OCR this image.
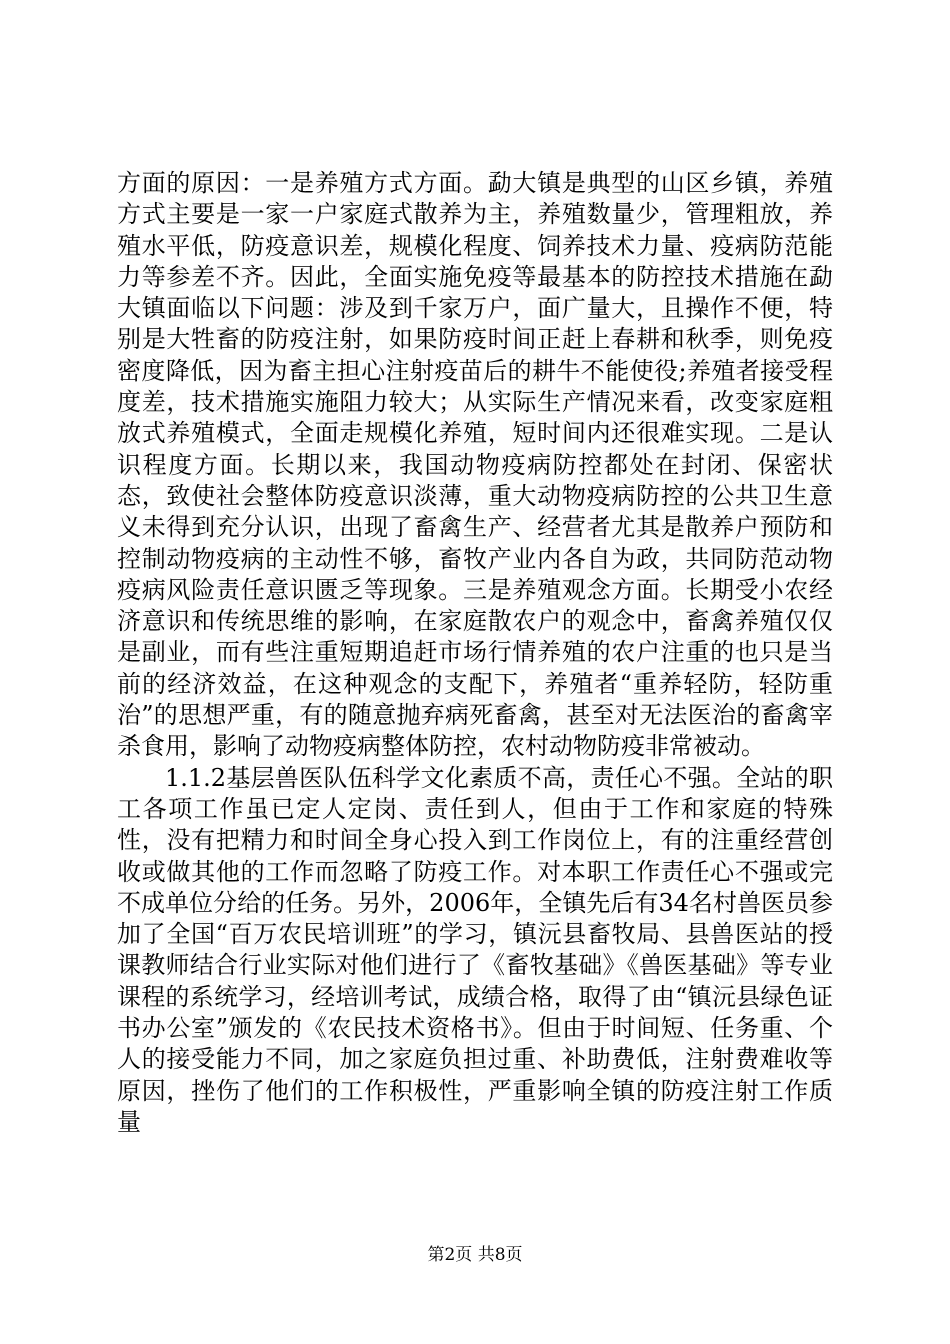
方面的原因：一是养殖方式方面。勐大镇是典型的山区乡镇，养殖方式主要是一家一户家庭式散养为主，养殖数量少，管理粗放，养殖水平低，防疫意识差，规模化程度、饲养技术力量、疫病防范能力等参差不齐。因此，全面实施免疫等最基本的防控技术措施在勐大镇面临以下问题：涉及到千家万户，面广量大，且操作不便，特别是大牲畜的防疫注射，如果防疫时间正赶上春耕和秋季，则免疫密度降低，因为畜主担心注射疫苗后的耕牛不能使役;养殖者接受程度差，技术措施实施阻力较大；从实际生产情况来看，改变家庭粗放式养殖模式，全面走规模化养殖，短时间内还很难实现。二是认识程度方面。长期以来，我国动物疫病防控都处在封闭、保密状态，致使社会整体防疫意识淡薄，重大动物疫病防控的公共卫生意义未得到充分认识，出现了畜禽生产、经营者尤其是散养户预防和控制动物疫病的主动性不够，畜牧产业内各自为政，共同防范动物疫病风险责任意识匮乏等现象。三是养殖观念方面。长期受小农经济意识和传统思维的影响，在家庭散农户的观念中，畜禽养殖仅仅是副业，而有些注重短期追赶市场行情养殖的农户注重的也只是当前的经济效益，在这种观念的支配下，养殖者“重养轻防，轻防重治”的思想严重，有的随意抛弃病死畜禽，甚至对无法医治的畜禽宰杀食用，影响了动物疫病整体防控，农村动物防疫非常被动。

1.1.2基层兽医队伍科学文化素质不高，责任心不强。全站的职工各项工作虽已定人定岗、责任到人，但由于工作和家庭的特殊性，没有把精力和时间全身心投入到工作岗位上，有的注重经营创收或做其他的工作而忽略了防疫工作。对本职工作责任心不强或完不成单位分给的任务。另外，2006年，全镇先后有34名村兽医员参加了全国“百万农民培训班”的学习，镇沅县畜牧局、县兽医站的授课教师结合行业实际对他们进行了《畜牧基础》《兽医基础》等专业课程的系统学习，经培训考试，成绩合格，取得了由“镇沅县绿色证书办公室”颁发的《农民技术资格书》。但由于时间短、任务重、个人的接受能力不同，加之家庭负担过重、补助费低，注射费难收等原因，挫伤了他们的工作积极性，严重影响全镇的防疫注射工作质量

第2页 共8页
